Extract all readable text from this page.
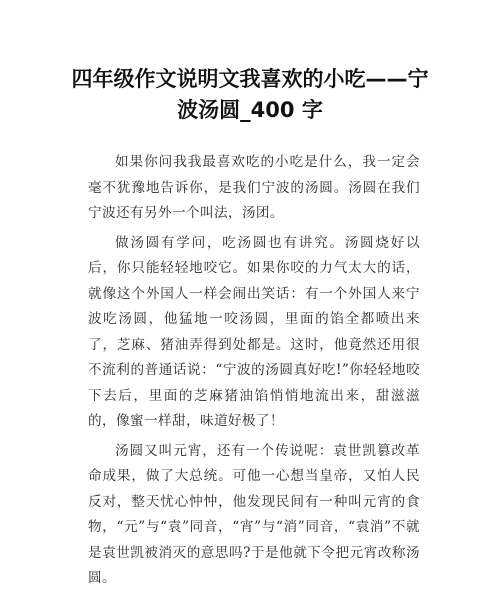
四年级作文说明文我喜欢的小吃——宁
波汤圆_400 字

如果你问我我最喜欢吃的小吃是什么，我一定会毫不犹豫地告诉你，是我们宁波的汤圆。汤圆在我们宁波还有另外一个叫法，汤团。

做汤圆有学问，吃汤圆也有讲究。汤圆烧好以后，你只能轻轻地咬它。如果你咬的力气太大的话，就像这个外国人一样会闹出笑话：有一个外国人来宁波吃汤圆，他猛地一咬汤圆，里面的馅全都喷出来了，芝麻、猪油弄得到处都是。这时，他竟然还用很不流利的普通话说：“宁波的汤圆真好吃!”你轻轻地咬下去后，里面的芝麻猪油馅悄悄地流出来，甜滋滋的，像蜜一样甜，味道好极了！

汤圆又叫元宵，还有一个传说呢：袁世凯篡改革命成果，做了大总统。可他一心想当皇帝，又怕人民反对，整天忧心忡忡，他发现民间有一种叫元宵的食物，“元”与“袁”同音，“宵”与“消”同音，“袁消”不就是袁世凯被消灭的意思吗?于是他就下令把元宵改称汤圆。
